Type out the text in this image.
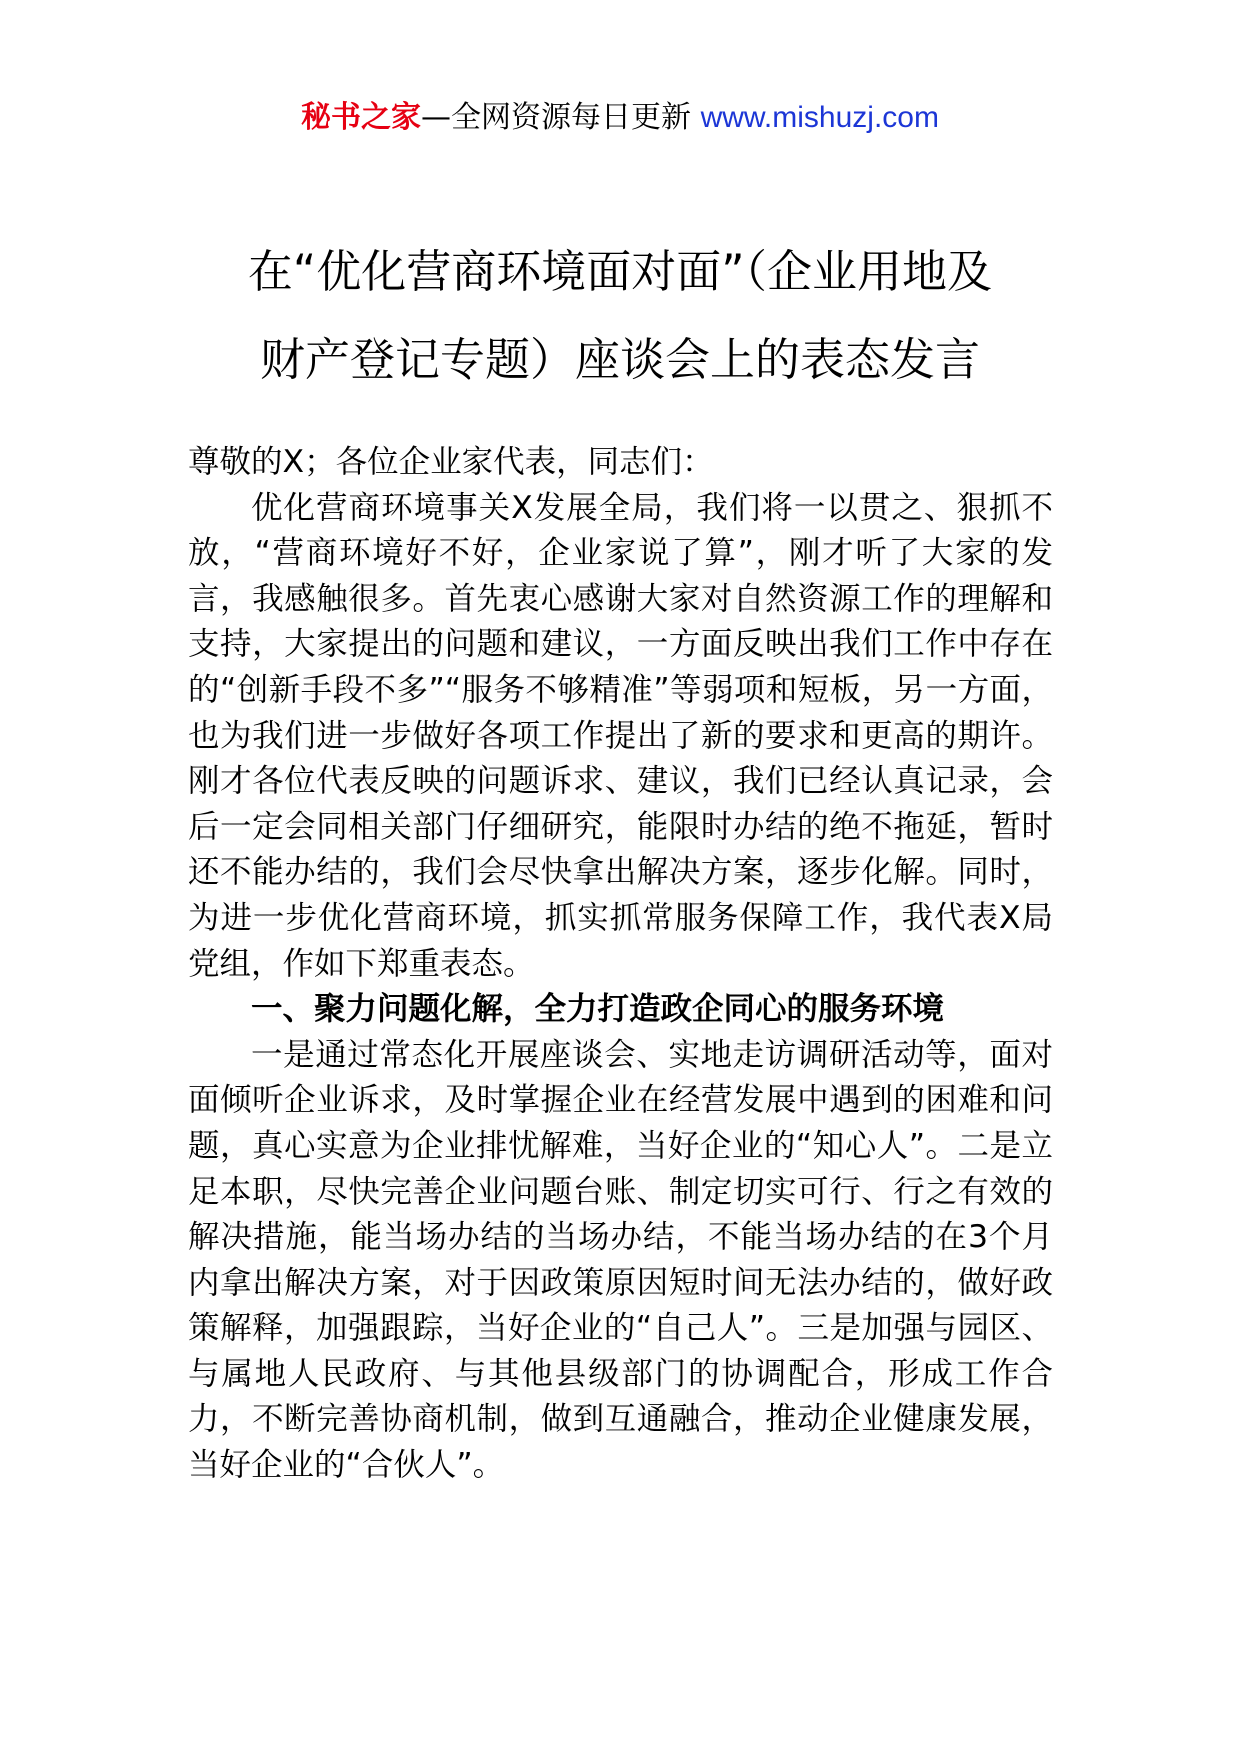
秘书之家—全网资源每日更新 www.mishuzj.com
在“优化营商环境面对面”（企业用地及
财产登记专题）座谈会上的表态发言

尊敬的X；各位企业家代表，同志们：

优化营商环境事关X发展全局，我们将一以贯之、狠抓不放，“营商环境好不好，企业家说了算”，刚才听了大家的发言，我感触很多。首先衷心感谢大家对自然资源工作的理解和支持，大家提出的问题和建议，一方面反映出我们工作中存在的“创新手段不多”“服务不够精准”等弱项和短板，另一方面，也为我们进一步做好各项工作提出了新的要求和更高的期许。刚才各位代表反映的问题诉求、建议，我们已经认真记录，会后一定会同相关部门仔细研究，能限时办结的绝不拖延，暂时还不能办结的，我们会尽快拿出解决方案，逐步化解。同时，为进一步优化营商环境，抓实抓常服务保障工作，我代表X局党组，作如下郑重表态。

一、聚力问题化解，全力打造政企同心的服务环境

一是通过常态化开展座谈会、实地走访调研活动等，面对面倾听企业诉求，及时掌握企业在经营发展中遇到的困难和问题，真心实意为企业排忧解难，当好企业的“知心人”。二是立足本职，尽快完善企业问题台账、制定切实可行、行之有效的解决措施，能当场办结的当场办结，不能当场办结的在3个月内拿出解决方案，对于因政策原因短时间无法办结的，做好政策解释，加强跟踪，当好企业的“自己人”。三是加强与园区、与属地人民政府、与其他县级部门的协调配合，形成工作合力，不断完善协商机制，做到互通融合，推动企业健康发展，当好企业的“合伙人”。
